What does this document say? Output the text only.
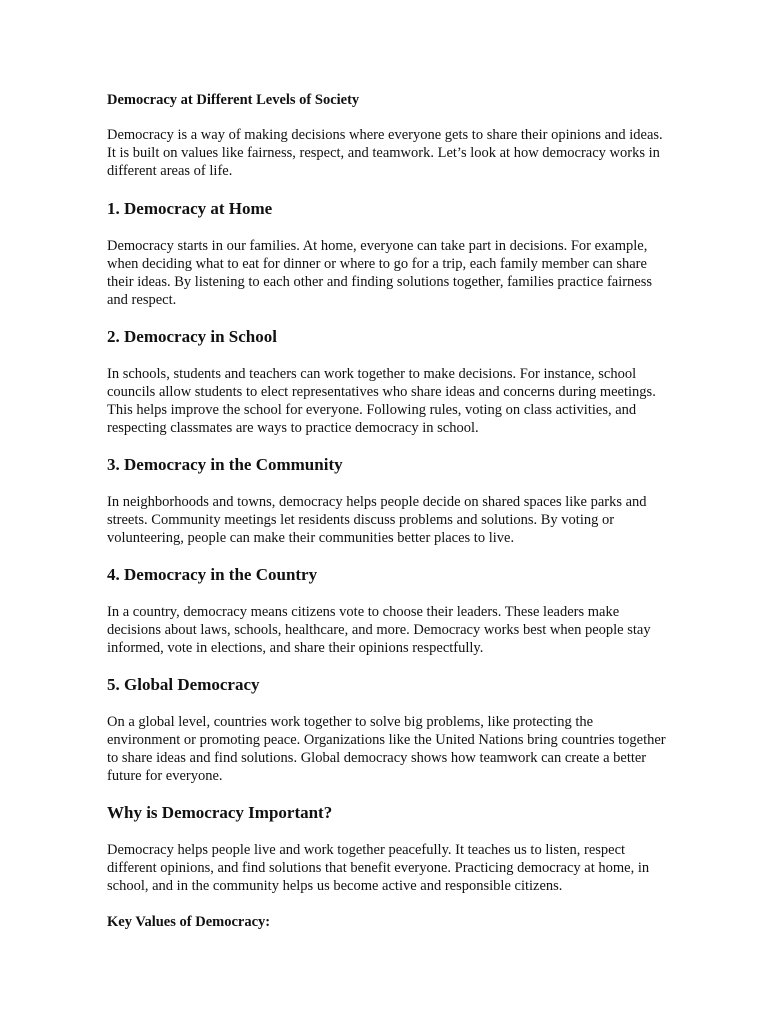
Democracy at Different Levels of Society

Democracy is a way of making decisions where everyone gets to share their opinions and ideas. It is built on values like fairness, respect, and teamwork. Let’s look at how democracy works in different areas of life.

1. Democracy at Home

Democracy starts in our families. At home, everyone can take part in decisions. For example, when deciding what to eat for dinner or where to go for a trip, each family member can share their ideas. By listening to each other and finding solutions together, families practice fairness and respect.

2. Democracy in School

In schools, students and teachers can work together to make decisions. For instance, school councils allow students to elect representatives who share ideas and concerns during meetings. This helps improve the school for everyone. Following rules, voting on class activities, and respecting classmates are ways to practice democracy in school.

3. Democracy in the Community

In neighborhoods and towns, democracy helps people decide on shared spaces like parks and streets. Community meetings let residents discuss problems and solutions. By voting or volunteering, people can make their communities better places to live.

4. Democracy in the Country

In a country, democracy means citizens vote to choose their leaders. These leaders make decisions about laws, schools, healthcare, and more. Democracy works best when people stay informed, vote in elections, and share their opinions respectfully.

5. Global Democracy

On a global level, countries work together to solve big problems, like protecting the environment or promoting peace. Organizations like the United Nations bring countries together to share ideas and find solutions. Global democracy shows how teamwork can create a better future for everyone.

Why is Democracy Important?

Democracy helps people live and work together peacefully. It teaches us to listen, respect different opinions, and find solutions that benefit everyone. Practicing democracy at home, in school, and in the community helps us become active and responsible citizens.

Key Values of Democracy:
